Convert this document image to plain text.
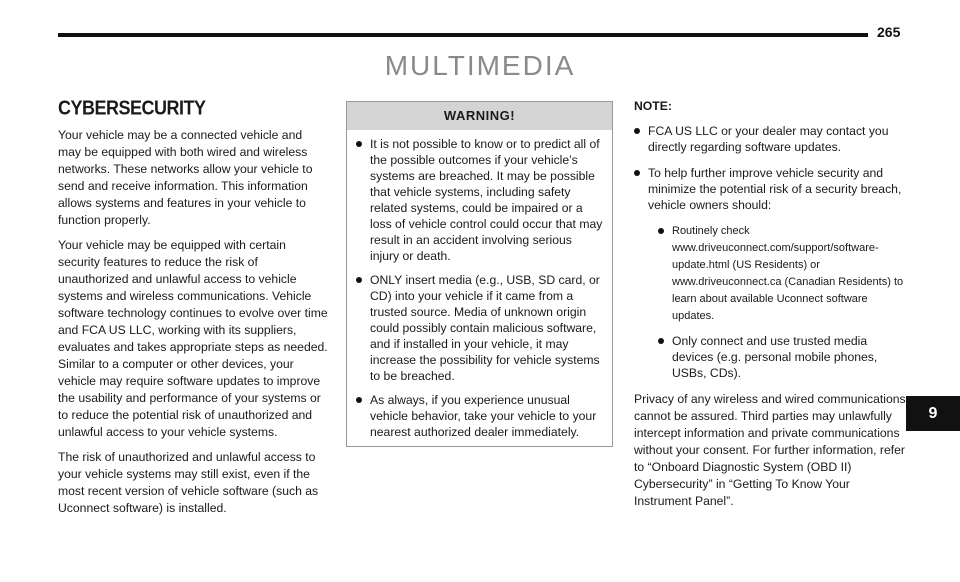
265
MULTIMEDIA
CYBERSECURITY

Your vehicle may be a connected vehicle and may be equipped with both wired and wireless networks. These networks allow your vehicle to send and receive information. This information allows systems and features in your vehicle to function properly.

Your vehicle may be equipped with certain security features to reduce the risk of unauthorized and unlawful access to vehicle systems and wireless communications. Vehicle software technology continues to evolve over time and FCA US LLC, working with its suppliers, evaluates and takes appropriate steps as needed. Similar to a computer or other devices, your vehicle may require software updates to improve the usability and performance of your systems or to reduce the potential risk of unauthorized and unlawful access to your vehicle systems.

The risk of unauthorized and unlawful access to your vehicle systems may still exist, even if the most recent version of vehicle software (such as Uconnect software) is installed.

WARNING!
It is not possible to know or to predict all of the possible outcomes if your vehicle’s systems are breached. It may be possible that vehicle systems, including safety related systems, could be impaired or a loss of vehicle control could occur that may result in an accident involving serious injury or death.
ONLY insert media (e.g., USB, SD card, or CD) into your vehicle if it came from a trusted source. Media of unknown origin could possibly contain malicious software, and if installed in your vehicle, it may increase the possibility for vehicle systems to be breached.
As always, if you experience unusual vehicle behavior, take your vehicle to your nearest authorized dealer immediately.

NOTE:

FCA US LLC or your dealer may contact you directly regarding software updates.
To help further improve vehicle security and minimize the potential risk of a security breach, vehicle owners should:
Routinely check www.driveuconnect.com/support/software-update.html (US Residents) or www.driveuconnect.ca (Canadian Residents) to learn about available Uconnect software updates.
Only connect and use trusted media devices (e.g. personal mobile phones, USBs, CDs).

Privacy of any wireless and wired communications cannot be assured. Third parties may unlawfully intercept information and private communications without your consent. For further information, refer to “Onboard Diagnostic System (OBD II) Cybersecurity” in “Getting To Know Your Instrument Panel”.

9
